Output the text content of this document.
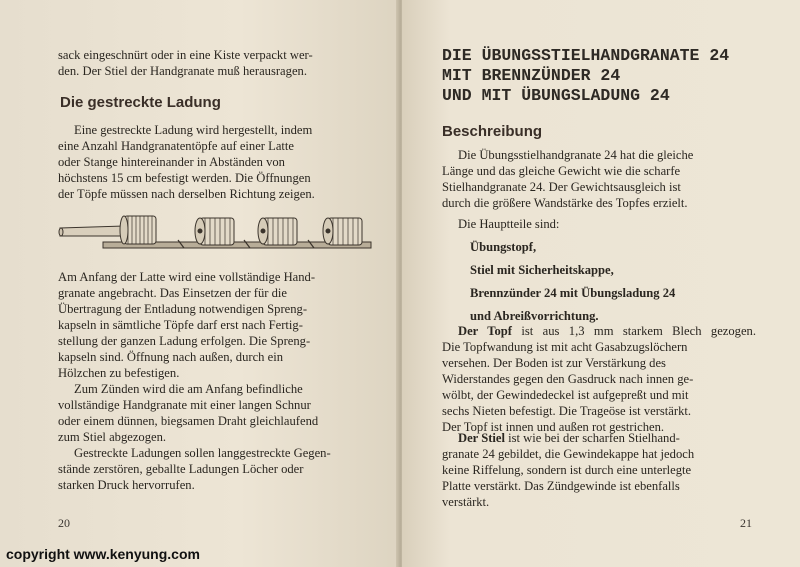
sack eingeschnürt oder in eine Kiste verpackt wer-
den. Der Stiel der Handgranate muß herausragen.
Die gestreckte Ladung
Eine gestreckte Ladung wird hergestellt, indem
eine Anzahl Handgranatentöpfe auf einer Latte
oder Stange hintereinander in Abständen von
höchstens 15 cm befestigt werden. Die Öffnungen
der Töpfe müssen nach derselben Richtung zeigen.
Am Anfang der Latte wird eine vollständige Hand-
granate angebracht. Das Einsetzen der für die
Übertragung der Entladung notwendigen Spreng-
kapseln in sämtliche Töpfe darf erst nach Fertig-
stellung der ganzen Ladung erfolgen. Die Spreng-
kapseln sind. Öffnung nach außen, durch ein
Hölzchen zu befestigen.
Zum Zünden wird die am Anfang befindliche
vollständige Handgranate mit einer langen Schnur
oder einem dünnen, biegsamen Draht gleichlaufend
zum Stiel abgezogen.
Gestreckte Ladungen sollen langgestreckte Gegen-
stände zerstören, geballte Ladungen Löcher oder
starken Druck hervorrufen.
20
DIE ÜBUNGSSTIELHANDGRANATE 24
MIT BRENNZÜNDER 24
UND MIT ÜBUNGSLADUNG 24
Beschreibung
Die Übungsstielhandgranate 24 hat die gleiche
Länge und das gleiche Gewicht wie die scharfe
Stielhandgranate 24. Der Gewichtsausgleich ist
durch die größere Wandstärke des Topfes erzielt.
Die Hauptteile sind:
Übungstopf,
Stiel mit Sicherheitskappe,
Brennzünder 24 mit Übungsladung 24
und Abreißvorrichtung.
Der Topf ist aus 1,3 mm starkem Blech gezogen.
Die Topfwandung ist mit acht Gasabzugslöchern
versehen. Der Boden ist zur Verstärkung des
Widerstandes gegen den Gasdruck nach innen ge-
wölbt, der Gewindedeckel ist aufgepreßt und mit
sechs Nieten befestigt. Die Trageöse ist verstärkt.
Der Topf ist innen und außen rot gestrichen.
Der Stiel ist wie bei der scharfen Stielhand-
granate 24 gebildet, die Gewindekappe hat jedoch
keine Riffelung, sondern ist durch eine unterlegte
Platte verstärkt. Das Zündgewinde ist ebenfalls
verstärkt.
21
copyright www.kenyung.com
